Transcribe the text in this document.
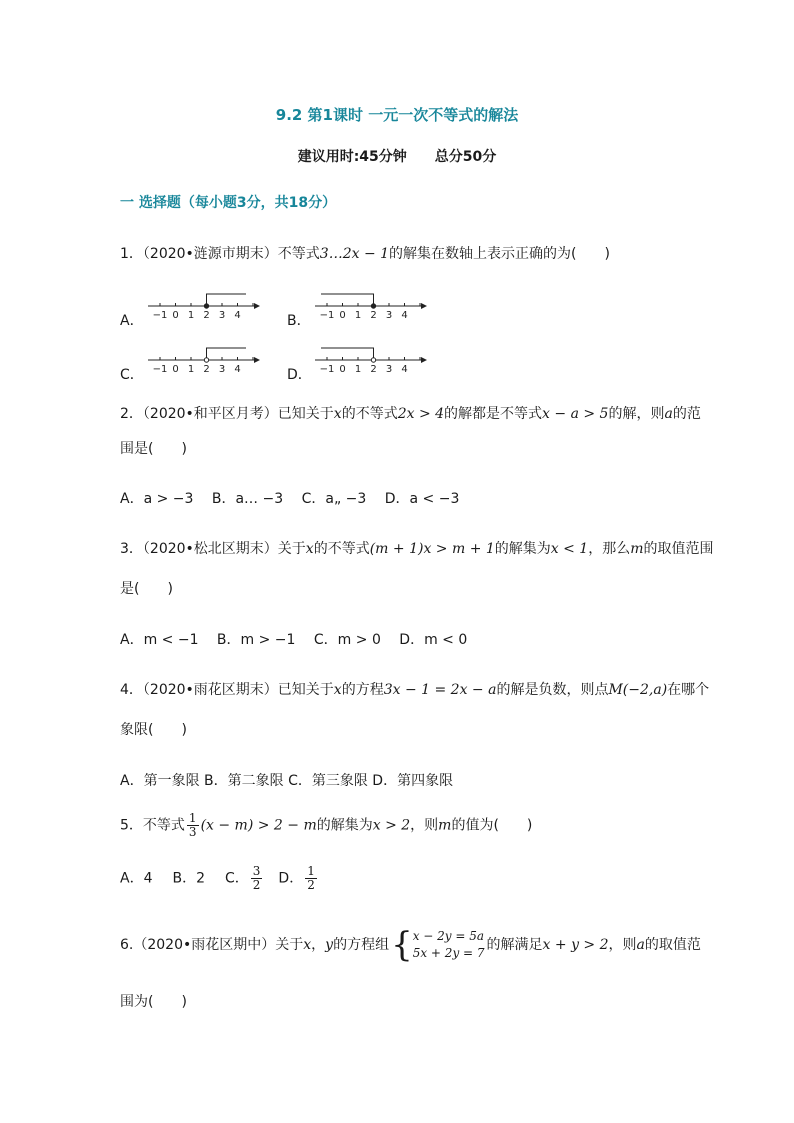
9.2 第1课时 一元一次不等式的解法
建议用时:45分钟 总分50分
一 选择题（每小题3分，共18分）
1．（2020•涟源市期末）不等式3…2x − 1的解集在数轴上表示正确的为(　　)
A． −1 0 1 2 3 4	B． −1 0 1 2 3 4
C． −1 0 1 2 3 4	D． −1 0 1 2 3 4
2．（2020•和平区月考）已知关于x的不等式2x > 4的解都是不等式x − a > 5的解，则a的范
围是(　　)
A．a > −3　 B．a… −3　 C．a„ −3　 D．a < −3
3．（2020•松北区期末）关于x的不等式(m + 1)x > m + 1的解集为x < 1，那么m的取值范围
是(　　)
A．m < −1　 B．m > −1　 C．m > 0　 D．m < 0
4．（2020•雨花区期末）已知关于x的方程3x − 1 = 2x − a的解是负数，则点M(−2,a)在哪个
象限(　　)
A．第一象限 B．第二象限 C．第三象限 D．第四象限
5．不等式 $\frac{1}{3} (x - m) > 2 - m$的解集为x > 2，则m的值为(　　)
A．4 B．2 C． $\frac{3}{2}$ D． $\frac{1}{2}$
6.（2020•雨花区期中）关于x，y的方程组 { x − 2y = 5a
5x + 2y = 7 的解满足x + y > 2，则a的取值范
围为(　　)
